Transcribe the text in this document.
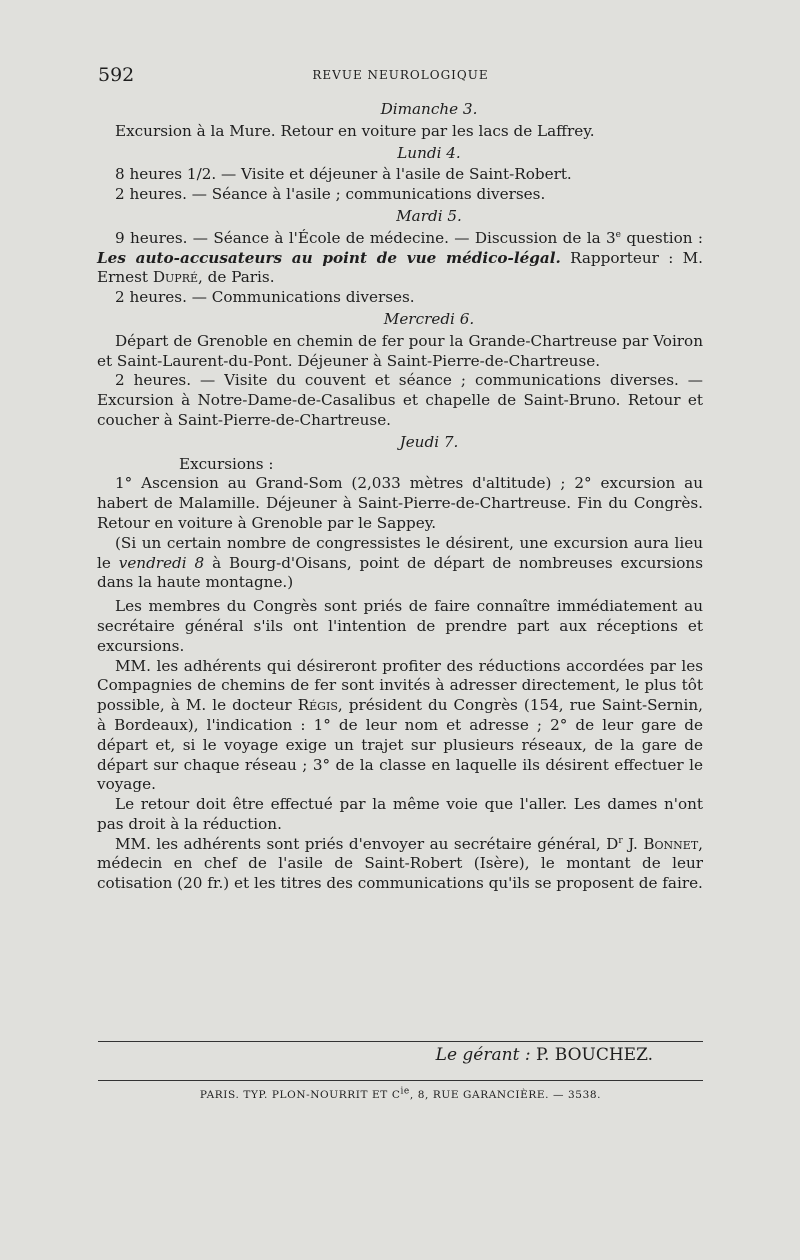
592	REVUE NEUROLOGIQUE
Dimanche 3.

Excursion à la Mure. Retour en voiture par les lacs de Laffrey.

Lundi 4.

8 heures 1/2. — Visite et déjeuner à l'asile de Saint-Robert.

2 heures. — Séance à l'asile ; communications diverses.

Mardi 5.

9 heures. — Séance à l'École de médecine. — Discussion de la 3e question : Les auto-accusateurs au point de vue médico-légal. Rapporteur : M. Ernest Dupré, de Paris.

2 heures. — Communications diverses.

Mercredi 6.

Départ de Grenoble en chemin de fer pour la Grande-Chartreuse par Voiron et Saint-Laurent-du-Pont. Déjeuner à Saint-Pierre-de-Chartreuse.

2 heures. — Visite du couvent et séance ; communications diverses. — Excursion à Notre-Dame-de-Casalibus et chapelle de Saint-Bruno. Retour et coucher à Saint-Pierre-de-Chartreuse.

Jeudi 7.

Excursions :

1° Ascension au Grand-Som (2,033 mètres d'altitude) ; 2° excursion au habert de Malamille. Déjeuner à Saint-Pierre-de-Chartreuse. Fin du Congrès. Retour en voiture à Grenoble par le Sappey.

(Si un certain nombre de congressistes le désirent, une excursion aura lieu le vendredi 8 à Bourg-d'Oisans, point de départ de nombreuses excursions dans la haute montagne.)

Les membres du Congrès sont priés de faire connaître immédiatement au secrétaire général s'ils ont l'intention de prendre part aux réceptions et excursions.

MM. les adhérents qui désireront profiter des réductions accordées par les Compagnies de chemins de fer sont invités à adresser directement, le plus tôt possible, à M. le docteur Régis, président du Congrès (154, rue Saint-Sernin, à Bordeaux), l'indication : 1° de leur nom et adresse ; 2° de leur gare de départ et, si le voyage exige un trajet sur plusieurs réseaux, de la gare de départ sur chaque réseau ; 3° de la classe en laquelle ils désirent effectuer le voyage.

Le retour doit être effectué par la même voie que l'aller. Les dames n'ont pas droit à la réduction.

MM. les adhérents sont priés d'envoyer au secrétaire général, $D^r$ J. Bonnet, médecin en chef de l'asile de Saint-Robert (Isère), le montant de leur cotisation (20 fr.) et les titres des communications qu'ils se proposent de faire.

Le gérant : P. BOUCHEZ.
PARIS. TYP. PLON-NOURRIT ET $C^{ie}$, 8, RUE GARANCIÈRE. — 3538.
